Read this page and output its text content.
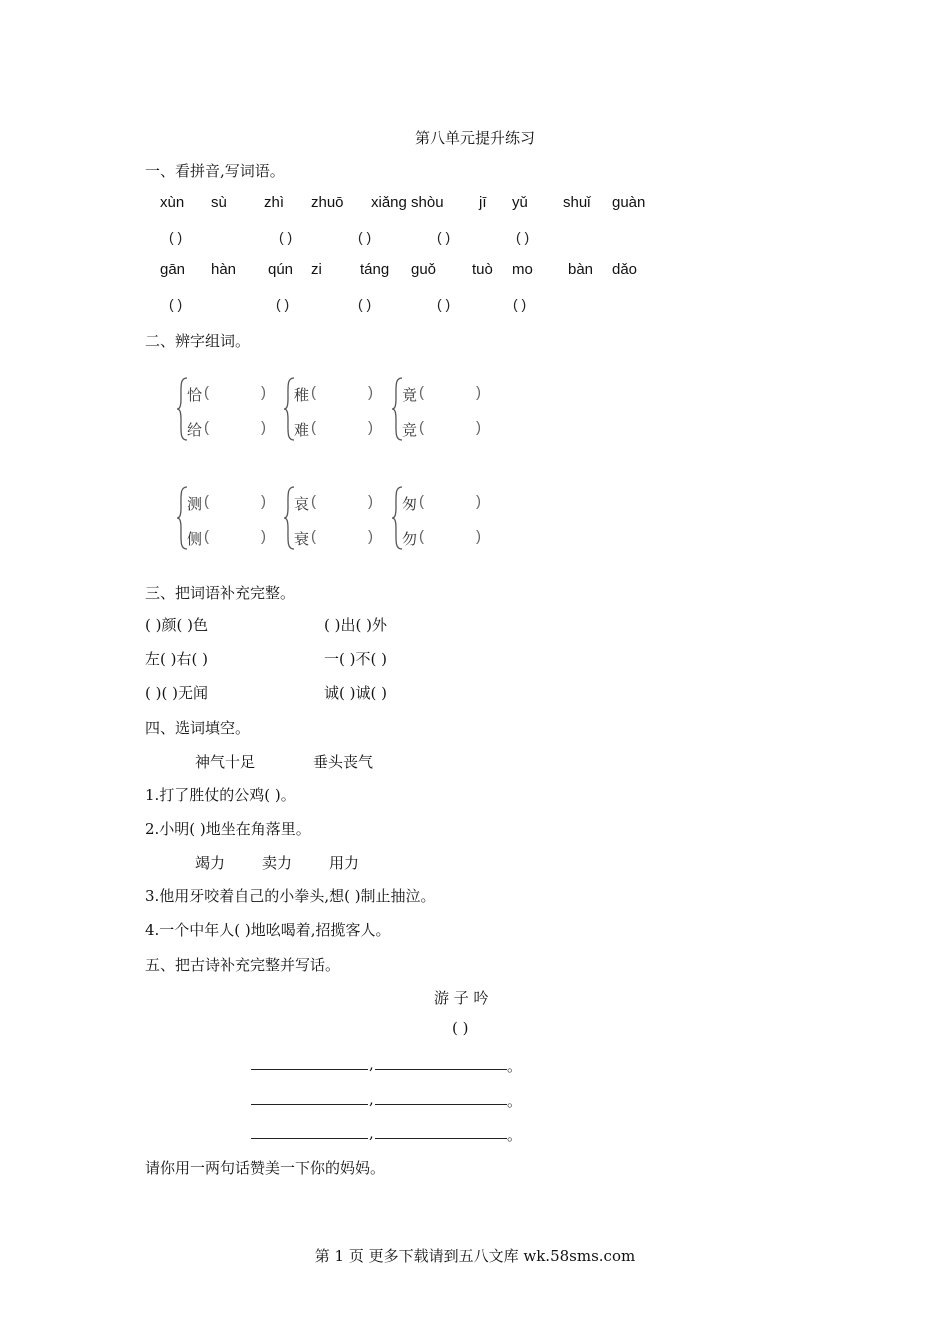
第八单元提升练习
一、看拼音,写词语。
xùn sù zhì zhuō xiǎng shòu jī yǔ shuǐ guàn
( )	( )	( )	( )	( )
gān hàn qún zi	táng guǒ tuò mo bàn dǎo
( )	( )	( )	( )	( )
二、辨字组词。
恰 (	)
给 (	)
稚 (	)
难 (	)
竟 (	)
竞 (	)
测 (	)
侧 (	)
哀 (	)
衰 (	)
匆 (	)
勿 (	)
三、把词语补充完整。
( )颜( )色	( )出( )外
左( )右( )	一( )不( )
( )( )无闻	诚( )诚( )
四、选词填空。
神气十足	垂头丧气
1.打了胜仗的公鸡( )。
2.小明( )地坐在角落里。
竭力 卖力 用力
3.他用牙咬着自己的小拳头,想( )制止抽泣。
4.一个中年人( )地吆喝着,招揽客人。
五、把古诗补充完整并写话。
游 子 吟
( )
,	。
,	。
,	。
请你用一两句话赞美一下你的妈妈。
第 1 页 更多下载请到五八文库 wk.58sms.com
